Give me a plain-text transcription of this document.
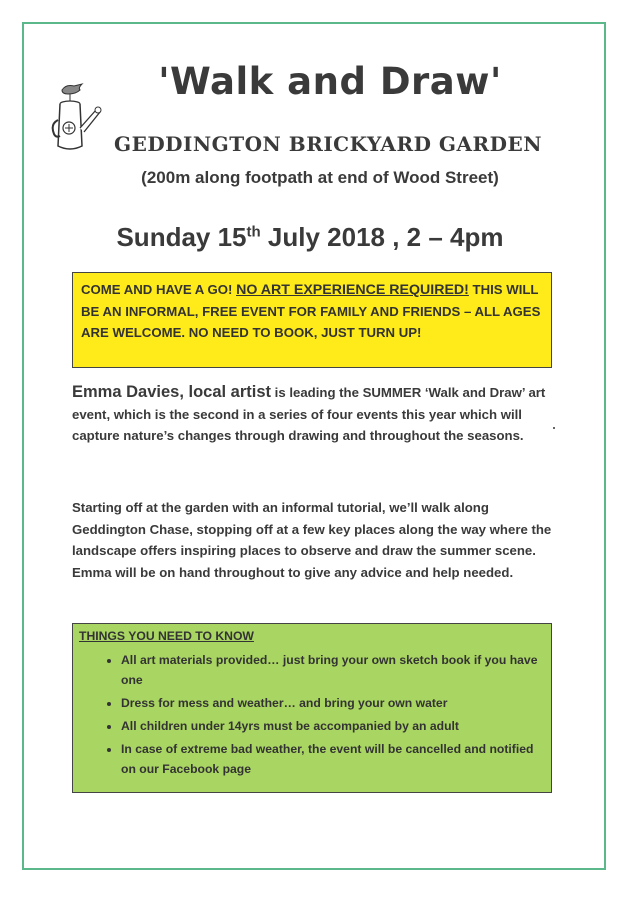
'Walk and Draw'
GEDDINGTON BRICKYARD GARDEN
(200m along footpath at end of Wood Street)
Sunday 15th July 2018 , 2 – 4pm
COME AND HAVE A GO! NO ART EXPERIENCE REQUIRED! THIS WILL BE AN INFORMAL, FREE EVENT FOR FAMILY AND FRIENDS – ALL AGES ARE WELCOME. NO NEED TO BOOK, JUST TURN UP!
Emma Davies, local artist is leading the SUMMER ‘Walk and Draw’ art event, which is the second in a series of four events this year which will capture nature’s changes through drawing and throughout the seasons.
Starting off at the garden with an informal tutorial, we’ll walk along Geddington Chase, stopping off at a few key places along the way where the landscape offers inspiring places to observe and draw the summer scene. Emma will be on hand throughout to give any advice and help needed.
THINGS YOU NEED TO KNOW
• All art materials provided… just bring your own sketch book if you have one
• Dress for mess and weather… and bring your own water
• All children under 14yrs must be accompanied by an adult
• In case of extreme bad weather, the event will be cancelled and notified on our Facebook page
